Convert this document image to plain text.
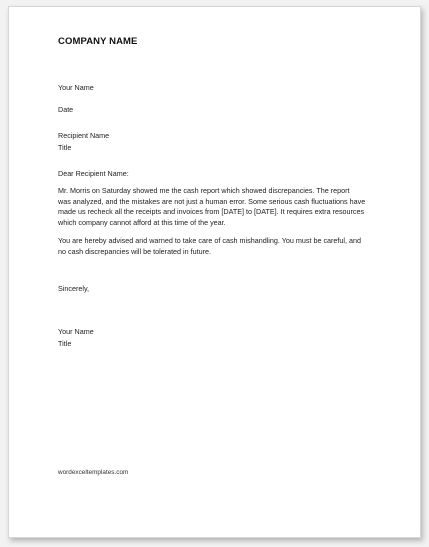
COMPANY NAME

Your Name

Date

Recipient Name

Title

Dear Recipient Name:

Mr. Morris on Saturday showed me the cash report which showed discrepancies. The report
was analyzed, and the mistakes are not just a human error. Some serious cash fluctuations have
made us recheck all the receipts and invoices from [DATE] to [DATE]. It requires extra resources
which company cannot afford at this time of the year.
You are hereby advised and warned to take care of cash mishandling. You must be careful, and
no cash discrepancies will be tolerated in future.

Sincerely,

Your Name

Title

wordexceltemplates.com
